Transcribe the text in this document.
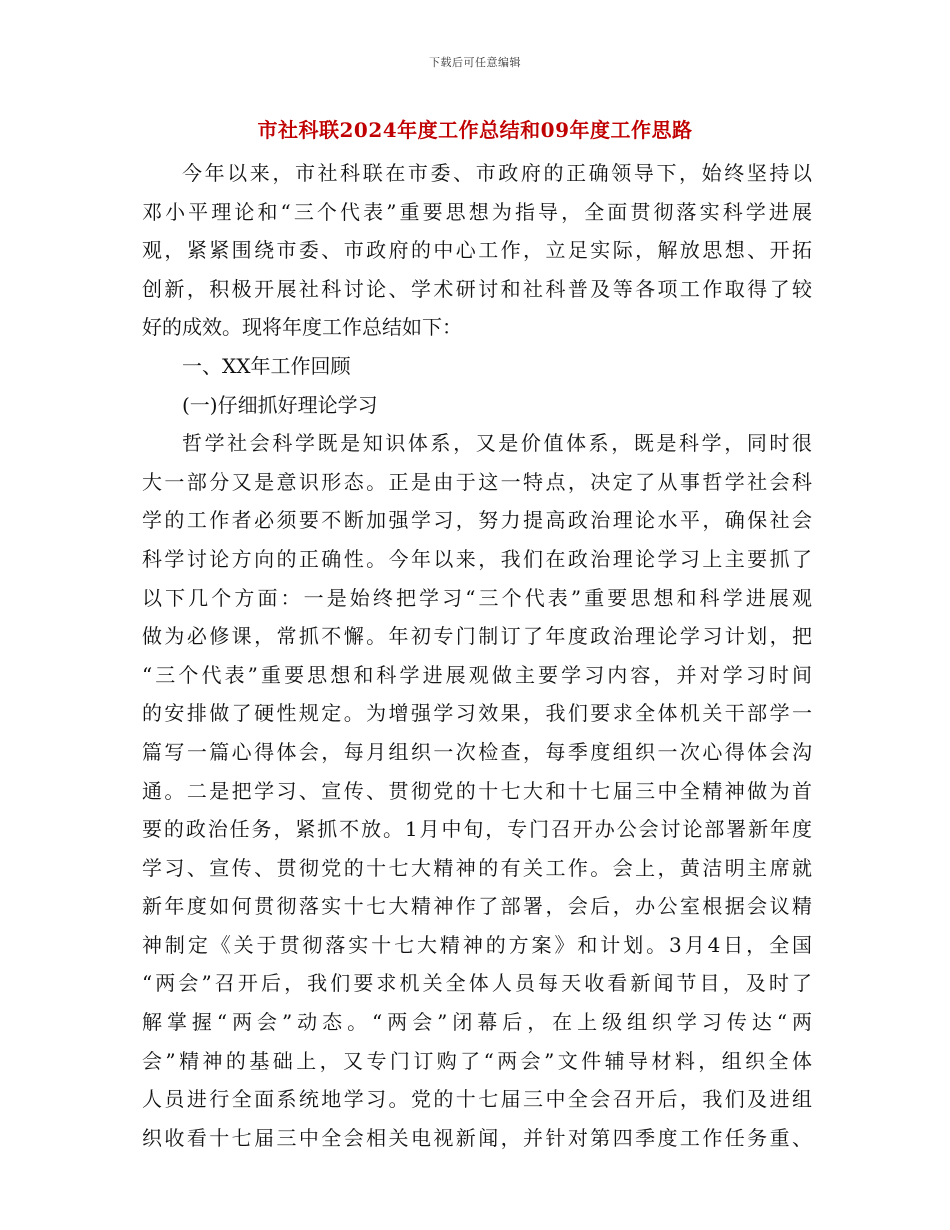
下载后可任意编辑
市社科联2024年度工作总结和09年度工作思路
今年以来，市社科联在市委、市政府的正确领导下，始终坚持以
邓小平理论和“三个代表”重要思想为指导，全面贯彻落实科学进展
观，紧紧围绕市委、市政府的中心工作，立足实际，解放思想、开拓
创新，积极开展社科讨论、学术研讨和社科普及等各项工作取得了较
好的成效。现将年度工作总结如下：
一、XX年工作回顾
(一)仔细抓好理论学习
哲学社会科学既是知识体系，又是价值体系，既是科学，同时很
大一部分又是意识形态。正是由于这一特点，决定了从事哲学社会科
学的工作者必须要不断加强学习，努力提高政治理论水平，确保社会
科学讨论方向的正确性。今年以来，我们在政治理论学习上主要抓了
以下几个方面：一是始终把学习“三个代表”重要思想和科学进展观
做为必修课，常抓不懈。年初专门制订了年度政治理论学习计划，把
“三个代表”重要思想和科学进展观做主要学习内容，并对学习时间
的安排做了硬性规定。为增强学习效果，我们要求全体机关干部学一
篇写一篇心得体会，每月组织一次检查，每季度组织一次心得体会沟
通。二是把学习、宣传、贯彻党的十七大和十七届三中全精神做为首
要的政治任务，紧抓不放。1月中旬，专门召开办公会讨论部署新年度
学习、宣传、贯彻党的十七大精神的有关工作。会上，黄洁明主席就
新年度如何贯彻落实十七大精神作了部署，会后，办公室根据会议精
神制定《关于贯彻落实十七大精神的方案》和计划。3月4日，全国
“两会”召开后，我们要求机关全体人员每天收看新闻节目，及时了
解掌握“两会”动态。“两会”闭幕后，在上级组织学习传达“两
会”精神的基础上，又专门订购了“两会”文件辅导材料，组织全体
人员进行全面系统地学习。党的十七届三中全会召开后，我们及进组
织收看十七届三中全会相关电视新闻，并针对第四季度工作任务重、
